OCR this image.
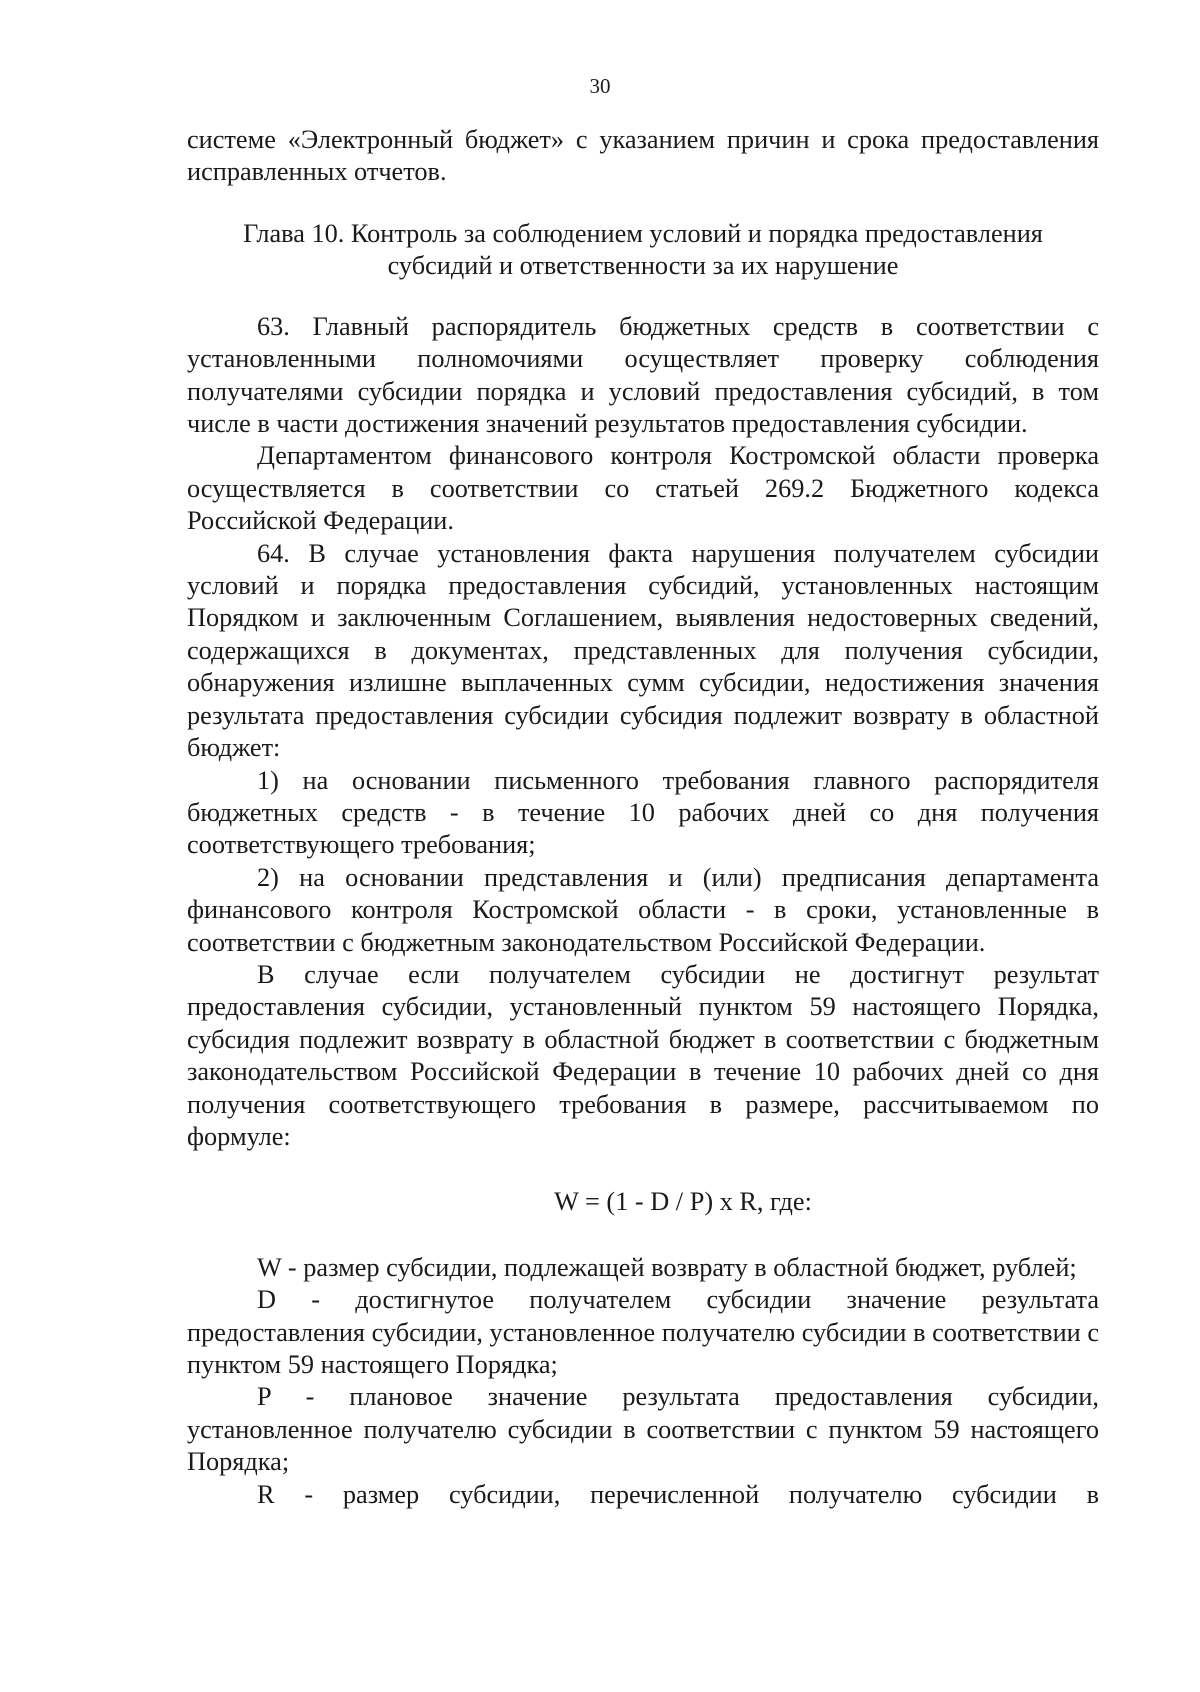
30

системе «Электронный бюджет» с указанием причин и срока предоставления исправленных отчетов.

Глава 10. Контроль за соблюдением условий и порядка предоставления
субсидий и ответственности за их нарушение

63. Главный распорядитель бюджетных средств в соответствии с установленными полномочиями осуществляет проверку соблюдения получателями субсидии порядка и условий предоставления субсидий, в том числе в части достижения значений результатов предоставления субсидии.

Департаментом финансового контроля Костромской области проверка осуществляется в соответствии со статьей 269.2 Бюджетного кодекса Российской Федерации.

64. В случае установления факта нарушения получателем субсидии условий и порядка предоставления субсидий, установленных настоящим Порядком и заключенным Соглашением, выявления недостоверных сведений, содержащихся в документах, представленных для получения субсидии, обнаружения излишне выплаченных сумм субсидии, недостижения значения результата предоставления субсидии субсидия подлежит возврату в областной бюджет:

1) на основании письменного требования главного распорядителя бюджетных средств - в течение 10 рабочих дней со дня получения соответствующего требования;

2) на основании представления и (или) предписания департамента финансового контроля Костромской области - в сроки, установленные в соответствии с бюджетным законодательством Российской Федерации.

В случае если получателем субсидии не достигнут результат предоставления субсидии, установленный пунктом 59 настоящего Порядка, субсидия подлежит возврату в областной бюджет в соответствии с бюджетным законодательством Российской Федерации в течение 10 рабочих дней со дня получения соответствующего требования в размере, рассчитываемом по формуле:

W = (1 - D / P) x R, где:

W - размер субсидии, подлежащей возврату в областной бюджет, рублей;

D - достигнутое получателем субсидии значение результата предоставления субсидии, установленное получателю субсидии в соответствии с пунктом 59 настоящего Порядка;

P - плановое значение результата предоставления субсидии, установленное получателю субсидии в соответствии с пунктом 59 настоящего Порядка;

R - размер субсидии, перечисленной получателю субсидии в
